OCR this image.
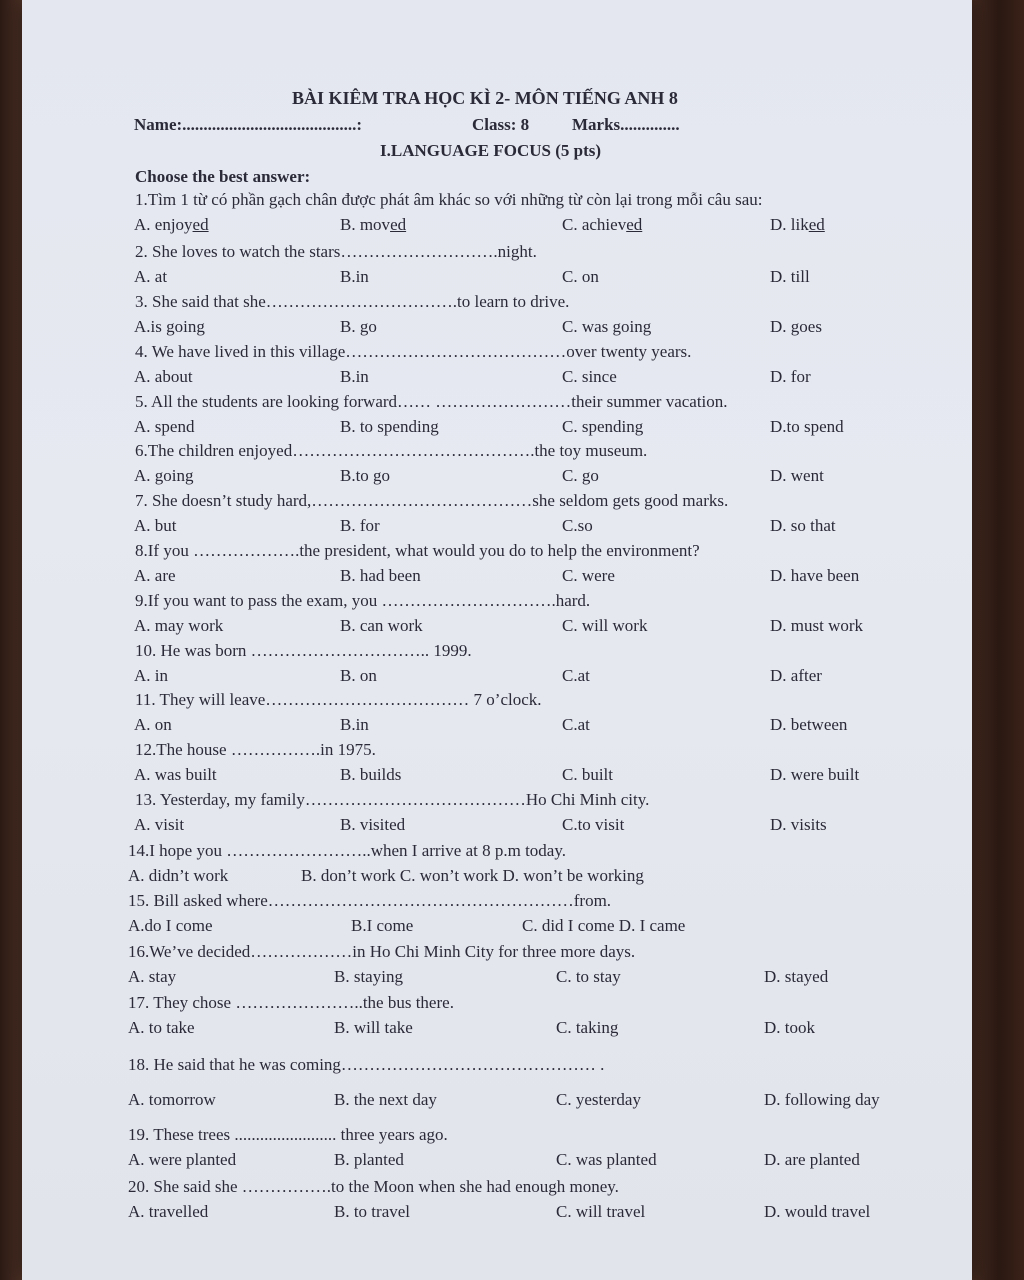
BÀI KIÊM TRA HỌC KÌ 2- MÔN TIẾNG ANH 8
Name:.........................................:	Class: 8	Marks..............
I.LANGUAGE FOCUS (5 pts)
Choose the best answer:
1.Tìm 1 từ có phần gạch chân được phát âm khác so với những từ còn lại trong mỗi câu sau:
A. enjoyed	B. moved	C. achieved	D. liked
2. She loves to watch the stars……………………….night.
A. at	B.in	C. on	D. till
3. She said that she…………………………….to learn to drive.
A.is going	B. go	C. was going	D. goes
4. We have lived in this village…………………………………over twenty years.
A. about	B.in	C. since	D. for
5. All the students are looking forward…… ……………………their summer vacation.
A. spend	B. to spending	C. spending	D.to spend
6.The children enjoyed…………………………………….the toy museum.
A. going	B.to go	C. go	D. went
7. She doesn’t study hard,…………………………………she seldom gets good marks.
A. but	B. for	C.so	D. so that
8.If you ……………….the president, what would you do to help the environment?
A. are	B. had been	C. were	D. have been
9.If you want to pass the exam, you ………………………….hard.
A. may work	B. can work	C. will work	D. must work
10. He was born ………………………….. 1999.
A. in	B. on	C.at	D. after
11. They will leave……………………………… 7 o’clock.
A. on	B.in	C.at	D. between
12.The house …………….in 1975.
A. was built	B. builds	C. built	D. were built
13. Yesterday, my family…………………………………Ho Chi Minh city.
A. visit	B. visited	C.to visit	D. visits
14.I hope you ……………………..when I arrive at 8 p.m today.
A. didn’t work	B. don’t work C. won’t work D. won’t be working
15. Bill asked where………………………………………………from.
A.do I come	B.I come	C. did I come D. I came
16.We’ve decided………………in Ho Chi Minh City for three more days.
A. stay	B. staying	C. to stay	D. stayed
17. They chose …………………..the bus there.
A. to take	B. will take	C. taking	D. took
18. He said that he was coming……………………………………… .
A. tomorrow	B. the next day	C. yesterday	D. following day
19. These trees ........................ three years ago.
A. were planted	B. planted	C. was planted	D. are planted
20. She said she …………….to the Moon when she had enough money.
A. travelled	B. to travel	C. will travel	D. would travel
